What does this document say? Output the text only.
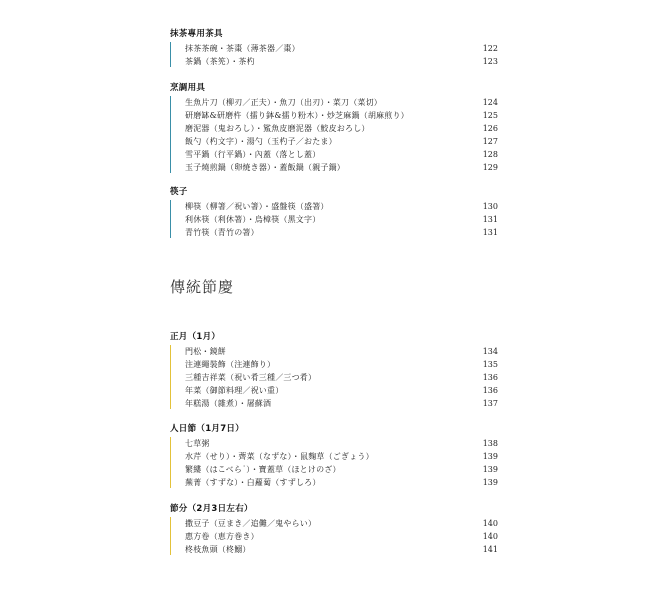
抹茶專用茶具
抹茶茶碗・茶棗（薄茶器／棗）	122
茶鍋（茶筅）・茶杓	123
烹調用具
生魚片刀（柳刃／正夫）・魚刀（出刃）・菜刀（菜切）	124
研磨缽&研磨杵（擂り鉢&擂り粉木）・炒芝麻鍋（胡麻煎り）	125
磨泥器（鬼おろし）・鯊魚皮磨泥器（鮫皮おろし）	126
飯勺（杓文字）・湯勺（玉杓子／おたま）	127
雪平鍋（行平鍋）・內蓋（落とし蓋）	128
玉子燒煎鍋（卵焼き器）・蓋飯鍋（親子鍋）	129
筷子
柳筷（柳箸／祝い箸）・盛盤筷（盛箸）	130
利休筷（利休箸）・烏樟筷（黑文字）	131
青竹筷（青竹の箸）	131
傳統節慶
正月（1月）
門松・鏡餅	134
注連繩裝飾（注連飾り）	135
三種吉祥菜（祝い肴三種／三つ肴）	136
年菜（御節料理／祝い重）	136
年糕湯（雜煮）・屠蘇酒	137
人日節（1月7日）
七草粥	138
水芹（せり）・薺菜（なずな）・鼠麴草（ごぎょう）	139
繁縷（はこべら˙）・寶蓋草（ほとけのざ）	139
蕪菁（すずな）・白蘿蔔（すずしろ）	139
節分（2月3日左右）
撒豆子（豆まき／追儺／鬼やらい）	140
惠方卷（恵方巻き）	140
柊枝魚頭（柊鰯）	141
